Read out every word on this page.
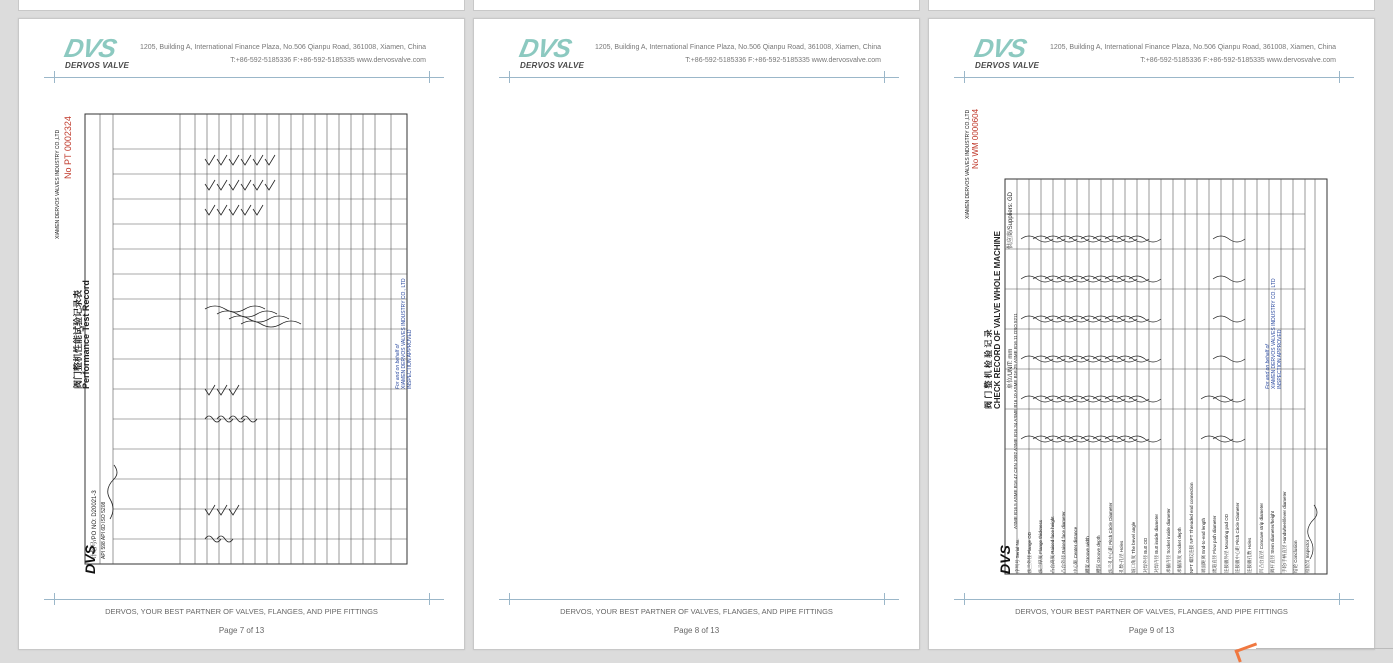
DVS
DERVOS VALVE
1205, Building A, International Finance Plaza, No.506 Qianpu Road, 361008, Xiamen, China
T:+86-592-5185336 F:+86-592-5185335 www.dervosvalve.com
DVS
阀门整机性能试验记录表
Performance Test Record
No PT 0002324
XIAMEN DERVOS VALVES INDUSTRY CO.,LTD
计划号/PO NO: D20021-3 API 598 API 6D ISO 5208
For and on behalf of XIAMEN DERVOS VALVES INDUSTRY CO., LTD INSPECTION APPROVED
DERVOS, YOUR BEST PARTNER OF VALVES, FLANGES, AND PIPE FITTINGS
Page 7 of 13
DVS
DERVOS VALVE
1205, Building A, International Finance Plaza, No.506 Qianpu Road, 361008, Xiamen, China
T:+86-592-5185336 F:+86-592-5185335 www.dervosvalve.com
DERVOS, YOUR BEST PARTNER OF VALVES, FLANGES, AND PIPE FITTINGS
Page 8 of 13
DVS
DERVOS VALVE
1205, Building A, International Finance Plaza, No.506 Qianpu Road, 361008, Xiamen, China
T:+86-592-5185336 F:+86-592-5185335 www.dervosvalve.com
DVS
阀 门 整 机 检 验 记 录 CHECK RECORD OF VALVE WHOLE MACHINE
No WM 0000604
XIAMEN DERVOS VALVES INDUSTRY CO.,LTD
单位/UNIT: mm
供应商/Suppliers: GD
ASME B16.5 ASME B16.47 CEN 1092 ASME B16.34 ASME B16.10 ASME B16.25 ASME B16.11 DSO 5211	For and on behalf of XIAMEN DERVOS VALVES INDUSTRY CO., LTD INSPECTION APPROVED
序列号 Serial No. 法兰外径 Flange OD 法兰厚度 Flange thickness 凸台高度 Raised face height 凸台外径 Raised face diameter 中心距 Center distance 槽宽 Groove width 槽深 Groove depth 法兰孔中心距 Pitch Circle Diameter 孔数-孔径 Holes 坡口角度 The bevel angle 对焊外径 Butt OD 对焊内径 Butt inside diameter 承插内径 Socket inside diameter 承插深度 Socket depth NPT 螺纹连接 NPT Threaded end connection 端面距离 End-to-end length 流道直径 Flow path diameter 连接板外径 Mounting pad OD 连接板中心距 Pitch Circle Diameter 连接板孔数 Holes 凹凸台直径 Concave strip diameter 阀杆直径 Stem diameter/height 手轮/手柄直径 Handwheel/lever diameter 结论 Conclusion 检验员 Inspector
DERVOS, YOUR BEST PARTNER OF VALVES, FLANGES, AND PIPE FITTINGS
Page 9 of 13
